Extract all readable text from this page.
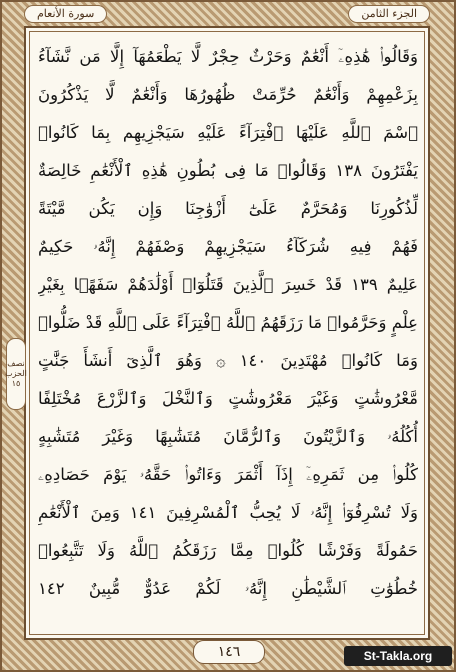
سورة الأنعام	الجزء الثامن
نصف
الحزب
١٥
وَقَالُوا۟ هَٰذِهِۦٓ أَنْعَٰمٌ وَحَرْثٌ حِجْرٌ لَّا يَطْعَمُهَآ إِلَّا مَن نَّشَآءُ
بِزَعْمِهِمْ وَأَنْعَٰمٌ حُرِّمَتْ ظُهُورُهَا وَأَنْعَٰمٌ لَّا يَذْكُرُونَ
ٱسْمَ ٱللَّهِ عَلَيْهَا ٱفْتِرَآءً عَلَيْهِ سَيَجْزِيهِم بِمَا كَانُوا۟
يَفْتَرُونَ ١٣٨ وَقَالُوا۟ مَا فِى بُطُونِ هَٰذِهِ ٱلْأَنْعَٰمِ خَالِصَةٌ
لِّذُكُورِنَا وَمُحَرَّمٌ عَلَىٰٓ أَزْوَٰجِنَا وَإِن يَكُن مَّيْتَةً
فَهُمْ فِيهِ شُرَكَآءُ سَيَجْزِيهِمْ وَصْفَهُمْ إِنَّهُۥ حَكِيمٌ
عَلِيمٌ ١٣٩ قَدْ خَسِرَ ٱلَّذِينَ قَتَلُوٓا۟ أَوْلَٰدَهُمْ سَفَهًۢا بِغَيْرِ
عِلْمٍ وَحَرَّمُوا۟ مَا رَزَقَهُمُ ٱللَّهُ ٱفْتِرَآءً عَلَى ٱللَّهِ قَدْ ضَلُّوا۟
وَمَا كَانُوا۟ مُهْتَدِينَ ١٤٠ ۞ وَهُوَ ٱلَّذِىٓ أَنشَأَ جَنَّٰتٍ
مَّعْرُوشَٰتٍ وَغَيْرَ مَعْرُوشَٰتٍ وَٱلنَّخْلَ وَٱلزَّرْعَ مُخْتَلِفًا
أُكُلُهُۥ وَٱلزَّيْتُونَ وَٱلرُّمَّانَ مُتَشَٰبِهًا وَغَيْرَ مُتَشَٰبِهٍ
كُلُوا۟ مِن ثَمَرِهِۦٓ إِذَآ أَثْمَرَ وَءَاتُوا۟ حَقَّهُۥ يَوْمَ حَصَادِهِۦ
وَلَا تُسْرِفُوٓا۟ إِنَّهُۥ لَا يُحِبُّ ٱلْمُسْرِفِينَ ١٤١ وَمِنَ ٱلْأَنْعَٰمِ
حَمُولَةً وَفَرْشًا كُلُوا۟ مِمَّا رَزَقَكُمُ ٱللَّهُ وَلَا تَتَّبِعُوا۟
خُطُوَٰتِ ٱلشَّيْطَٰنِ إِنَّهُۥ لَكُمْ عَدُوٌّ مُّبِينٌ ١٤٢
١٤٦	St-Takla.org
